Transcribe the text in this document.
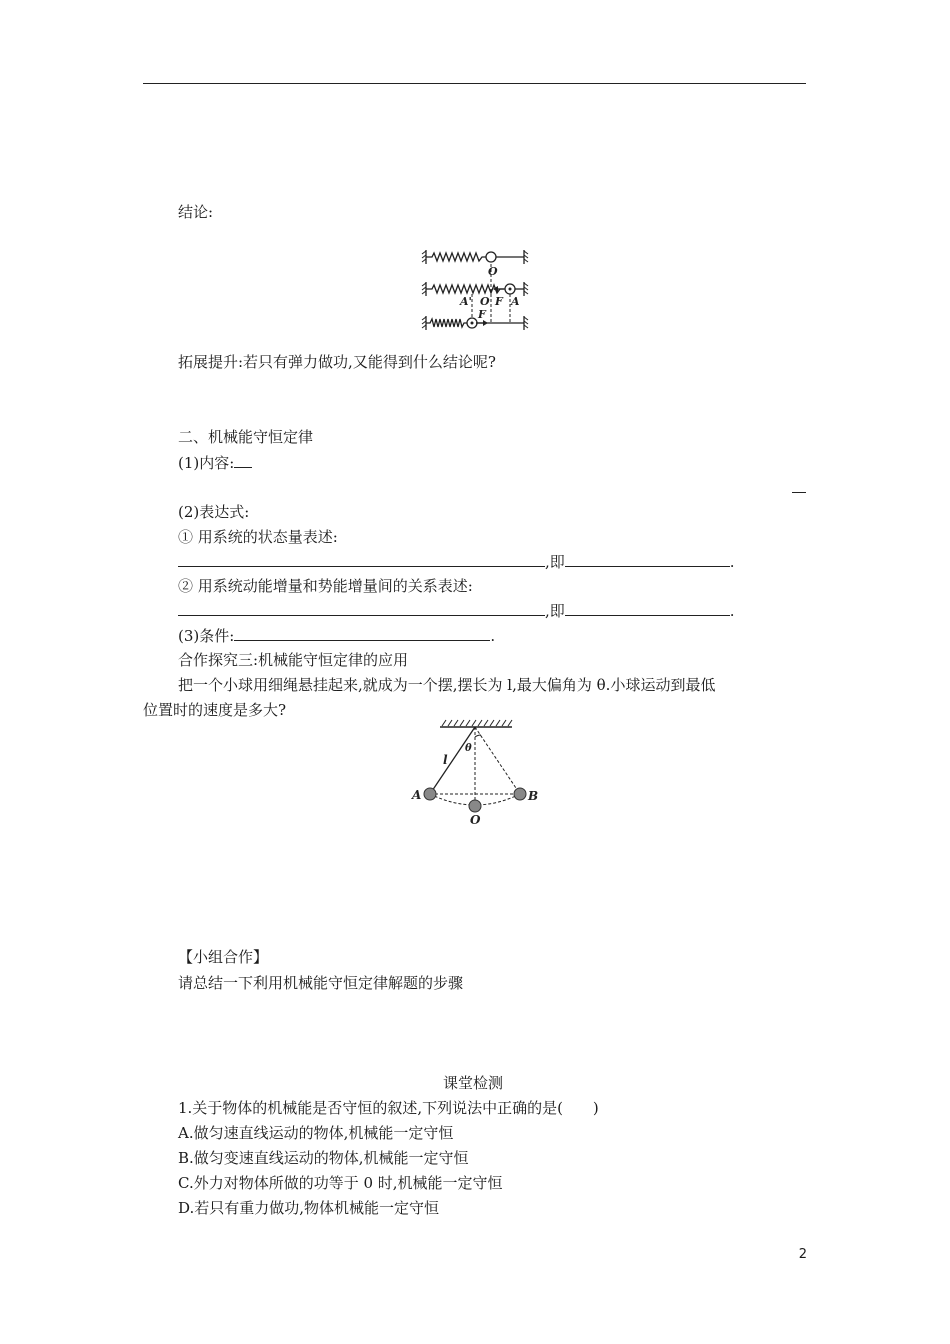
结论:
O
A' O F A
F
拓展提升:若只有弹力做功,又能得到什么结论呢?
二、机械能守恒定律
(1)内容:
(2)表达式:
① 用系统的状态量表述:
,即	.
② 用系统动能增量和势能增量间的关系表述:
,即	.
(3)条件:	.
合作探究三:机械能守恒定律的应用
把一个小球用细绳悬挂起来,就成为一个摆,摆长为 l,最大偏角为 θ.小球运动到最低
位置时的速度是多大?
l
θ
A	B
O
【小组合作】
请总结一下利用机械能守恒定律解题的步骤
课堂检测
1.关于物体的机械能是否守恒的叙述,下列说法中正确的是(　　)
A.做匀速直线运动的物体,机械能一定守恒
B.做匀变速直线运动的物体,机械能一定守恒
C.外力对物体所做的功等于 0 时,机械能一定守恒
D.若只有重力做功,物体机械能一定守恒
2
